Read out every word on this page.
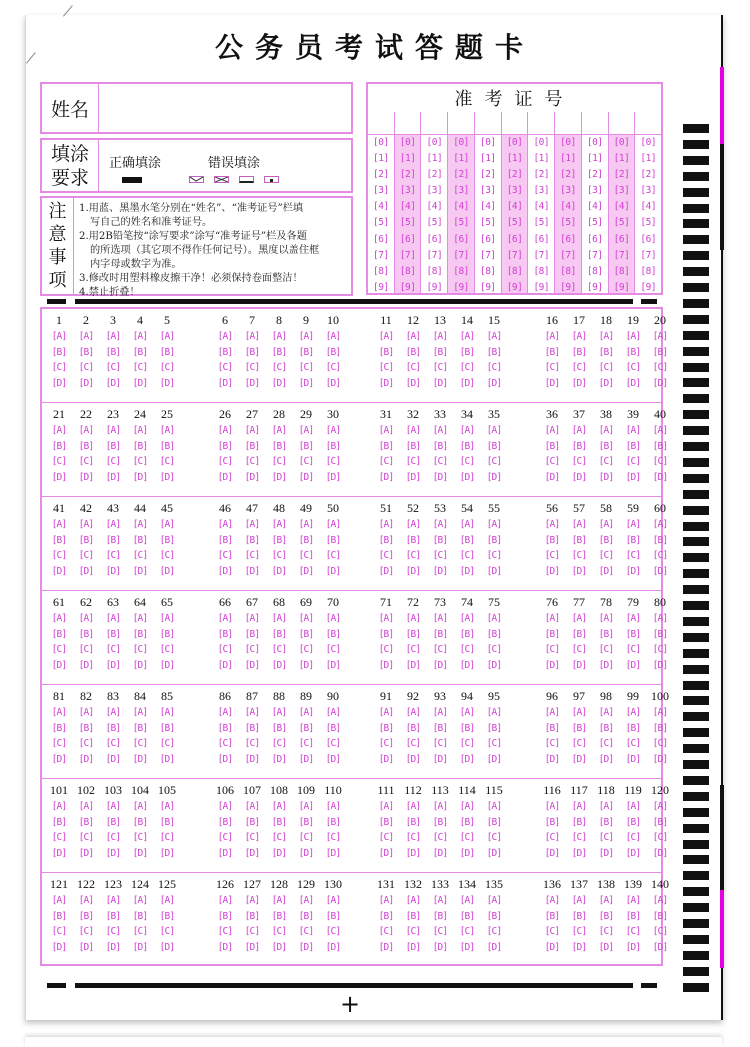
公务员考试答题卡
姓名
填涂
要求
正确填涂	错误填涂
注
意
事
项
1.用蓝、黑墨水笔分别在“姓名”、“准考证号”栏填
写自己的姓名和准考证号。
2.用2B铅笔按“涂写要求”涂写“准考证号”栏及各题
的所选项（其它项不得作任何记号）。黑度以盖住框
内字母或数字为准。
3.修改时用塑料橡皮擦干净！必须保持卷面整洁！
4.禁止折叠！
准考证号
[0]
[1]
[2]
[3]
[4]
[5]
[6]
[7]
[8]
[9]
[0]
[1]
[2]
[3]
[4]
[5]
[6]
[7]
[8]
[9]
[0]
[1]
[2]
[3]
[4]
[5]
[6]
[7]
[8]
[9]
[0]
[1]
[2]
[3]
[4]
[5]
[6]
[7]
[8]
[9]
[0]
[1]
[2]
[3]
[4]
[5]
[6]
[7]
[8]
[9]
[0]
[1]
[2]
[3]
[4]
[5]
[6]
[7]
[8]
[9]
[0]
[1]
[2]
[3]
[4]
[5]
[6]
[7]
[8]
[9]
[0]
[1]
[2]
[3]
[4]
[5]
[6]
[7]
[8]
[9]
[0]
[1]
[2]
[3]
[4]
[5]
[6]
[7]
[8]
[9]
[0]
[1]
[2]
[3]
[4]
[5]
[6]
[7]
[8]
[9]
[0]
[1]
[2]
[3]
[4]
[5]
[6]
[7]
[8]
[9]
1
[A]
[B]
[C]
[D]
2
[A]
[B]
[C]
[D]
3
[A]
[B]
[C]
[D]
4
[A]
[B]
[C]
[D]
5
[A]
[B]
[C]
[D]
6
[A]
[B]
[C]
[D]
7
[A]
[B]
[C]
[D]
8
[A]
[B]
[C]
[D]
9
[A]
[B]
[C]
[D]
10
[A]
[B]
[C]
[D]
11
[A]
[B]
[C]
[D]
12
[A]
[B]
[C]
[D]
13
[A]
[B]
[C]
[D]
14
[A]
[B]
[C]
[D]
15
[A]
[B]
[C]
[D]
16
[A]
[B]
[C]
[D]
17
[A]
[B]
[C]
[D]
18
[A]
[B]
[C]
[D]
19
[A]
[B]
[C]
[D]
20
[A]
[B]
[C]
[D]
21
[A]
[B]
[C]
[D]
22
[A]
[B]
[C]
[D]
23
[A]
[B]
[C]
[D]
24
[A]
[B]
[C]
[D]
25
[A]
[B]
[C]
[D]
26
[A]
[B]
[C]
[D]
27
[A]
[B]
[C]
[D]
28
[A]
[B]
[C]
[D]
29
[A]
[B]
[C]
[D]
30
[A]
[B]
[C]
[D]
31
[A]
[B]
[C]
[D]
32
[A]
[B]
[C]
[D]
33
[A]
[B]
[C]
[D]
34
[A]
[B]
[C]
[D]
35
[A]
[B]
[C]
[D]
36
[A]
[B]
[C]
[D]
37
[A]
[B]
[C]
[D]
38
[A]
[B]
[C]
[D]
39
[A]
[B]
[C]
[D]
40
[A]
[B]
[C]
[D]
41
[A]
[B]
[C]
[D]
42
[A]
[B]
[C]
[D]
43
[A]
[B]
[C]
[D]
44
[A]
[B]
[C]
[D]
45
[A]
[B]
[C]
[D]
46
[A]
[B]
[C]
[D]
47
[A]
[B]
[C]
[D]
48
[A]
[B]
[C]
[D]
49
[A]
[B]
[C]
[D]
50
[A]
[B]
[C]
[D]
51
[A]
[B]
[C]
[D]
52
[A]
[B]
[C]
[D]
53
[A]
[B]
[C]
[D]
54
[A]
[B]
[C]
[D]
55
[A]
[B]
[C]
[D]
56
[A]
[B]
[C]
[D]
57
[A]
[B]
[C]
[D]
58
[A]
[B]
[C]
[D]
59
[A]
[B]
[C]
[D]
60
[A]
[B]
[C]
[D]
61
[A]
[B]
[C]
[D]
62
[A]
[B]
[C]
[D]
63
[A]
[B]
[C]
[D]
64
[A]
[B]
[C]
[D]
65
[A]
[B]
[C]
[D]
66
[A]
[B]
[C]
[D]
67
[A]
[B]
[C]
[D]
68
[A]
[B]
[C]
[D]
69
[A]
[B]
[C]
[D]
70
[A]
[B]
[C]
[D]
71
[A]
[B]
[C]
[D]
72
[A]
[B]
[C]
[D]
73
[A]
[B]
[C]
[D]
74
[A]
[B]
[C]
[D]
75
[A]
[B]
[C]
[D]
76
[A]
[B]
[C]
[D]
77
[A]
[B]
[C]
[D]
78
[A]
[B]
[C]
[D]
79
[A]
[B]
[C]
[D]
80
[A]
[B]
[C]
[D]
81
[A]
[B]
[C]
[D]
82
[A]
[B]
[C]
[D]
83
[A]
[B]
[C]
[D]
84
[A]
[B]
[C]
[D]
85
[A]
[B]
[C]
[D]
86
[A]
[B]
[C]
[D]
87
[A]
[B]
[C]
[D]
88
[A]
[B]
[C]
[D]
89
[A]
[B]
[C]
[D]
90
[A]
[B]
[C]
[D]
91
[A]
[B]
[C]
[D]
92
[A]
[B]
[C]
[D]
93
[A]
[B]
[C]
[D]
94
[A]
[B]
[C]
[D]
95
[A]
[B]
[C]
[D]
96
[A]
[B]
[C]
[D]
97
[A]
[B]
[C]
[D]
98
[A]
[B]
[C]
[D]
99
[A]
[B]
[C]
[D]
100
[A]
[B]
[C]
[D]
101
[A]
[B]
[C]
[D]
102
[A]
[B]
[C]
[D]
103
[A]
[B]
[C]
[D]
104
[A]
[B]
[C]
[D]
105
[A]
[B]
[C]
[D]
106
[A]
[B]
[C]
[D]
107
[A]
[B]
[C]
[D]
108
[A]
[B]
[C]
[D]
109
[A]
[B]
[C]
[D]
110
[A]
[B]
[C]
[D]
111
[A]
[B]
[C]
[D]
112
[A]
[B]
[C]
[D]
113
[A]
[B]
[C]
[D]
114
[A]
[B]
[C]
[D]
115
[A]
[B]
[C]
[D]
116
[A]
[B]
[C]
[D]
117
[A]
[B]
[C]
[D]
118
[A]
[B]
[C]
[D]
119
[A]
[B]
[C]
[D]
120
[A]
[B]
[C]
[D]
121
[A]
[B]
[C]
[D]
122
[A]
[B]
[C]
[D]
123
[A]
[B]
[C]
[D]
124
[A]
[B]
[C]
[D]
125
[A]
[B]
[C]
[D]
126
[A]
[B]
[C]
[D]
127
[A]
[B]
[C]
[D]
128
[A]
[B]
[C]
[D]
129
[A]
[B]
[C]
[D]
130
[A]
[B]
[C]
[D]
131
[A]
[B]
[C]
[D]
132
[A]
[B]
[C]
[D]
133
[A]
[B]
[C]
[D]
134
[A]
[B]
[C]
[D]
135
[A]
[B]
[C]
[D]
136
[A]
[B]
[C]
[D]
137
[A]
[B]
[C]
[D]
138
[A]
[B]
[C]
[D]
139
[A]
[B]
[C]
[D]
140
[A]
[B]
[C]
[D]
+
